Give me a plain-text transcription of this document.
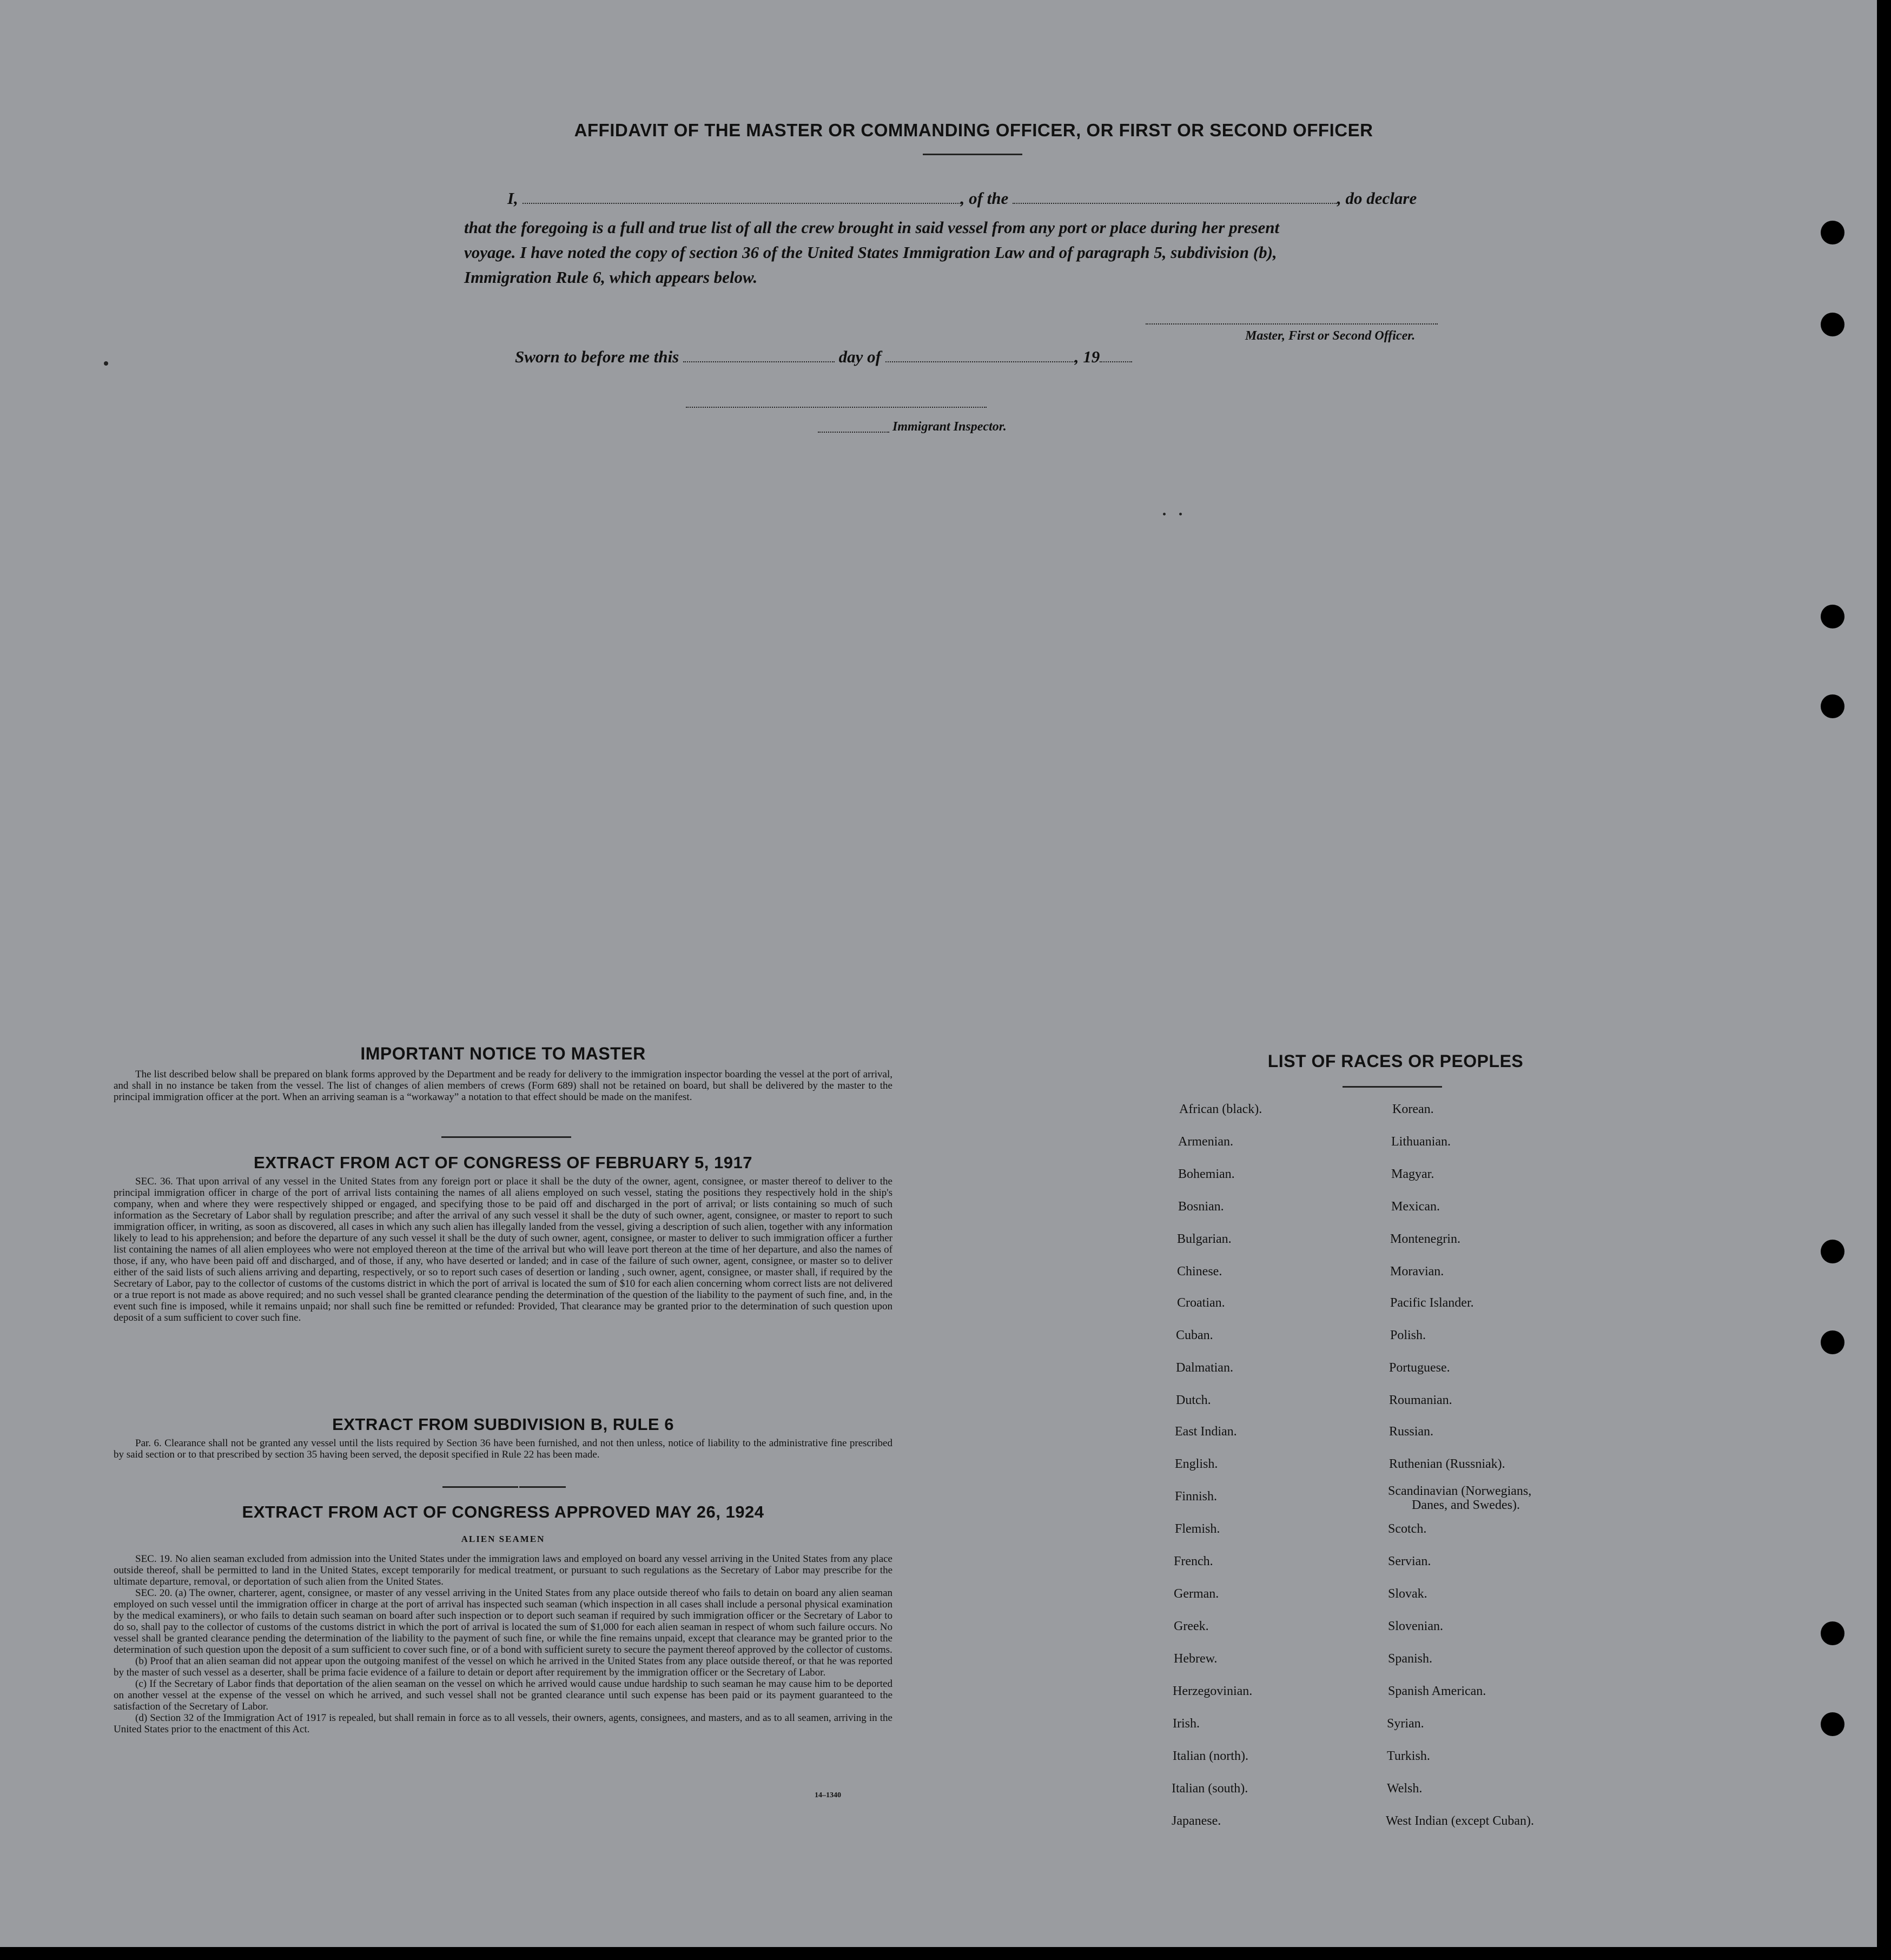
AFFIDAVIT OF THE MASTER OR COMMANDING OFFICER, OR FIRST OR SECOND OFFICER
I,	, of the	, do declare
that the foregoing is a full and true list of all the crew brought in said vessel from any port or place during her present
voyage. I have noted the copy of section 36 of the United States Immigration Law and of paragraph 5, subdivision (b),
Immigration Rule 6, which appears below.
Master, First or Second Officer.
Sworn to before me this	day of	, 19
Immigrant Inspector.
IMPORTANT NOTICE TO MASTER

The list described below shall be prepared on blank forms approved by the Department and be ready for delivery to the immigration inspector boarding the vessel at the port of arrival, and shall in no instance be taken from the vessel. The list of changes of alien members of crews (Form 689) shall not be retained on board, but shall be delivered by the master to the principal immigration officer at the port. When an arriving seaman is a “workaway” a notation to that effect should be made on the manifest.

EXTRACT FROM ACT OF CONGRESS OF FEBRUARY 5, 1917

SEC. 36. That upon arrival of any vessel in the United States from any foreign port or place it shall be the duty of the owner, agent, consignee, or master thereof to deliver to the principal immigration officer in charge of the port of arrival lists containing the names of all aliens employed on such vessel, stating the positions they respectively hold in the ship's company, when and where they were respectively shipped or engaged, and specifying those to be paid off and discharged in the port of arrival; or lists containing so much of such information as the Secretary of Labor shall by regulation prescribe; and after the arrival of any such vessel it shall be the duty of such owner, agent, consignee, or master to report to such immigration officer, in writing, as soon as discovered, all cases in which any such alien has illegally landed from the vessel, giving a description of such alien, together with any information likely to lead to his apprehension; and before the departure of any such vessel it shall be the duty of such owner, agent, consignee, or master to deliver to such immigration officer a further list containing the names of all alien employees who were not employed thereon at the time of the arrival but who will leave port thereon at the time of her departure, and also the names of those, if any, who have been paid off and discharged, and of those, if any, who have deserted or landed; and in case of the failure of such owner, agent, consignee, or master so to deliver either of the said lists of such aliens arriving and departing, respectively, or so to report such cases of desertion or landing , such owner, agent, consignee, or master shall, if required by the Secretary of Labor, pay to the collector of customs of the customs district in which the port of arrival is located the sum of $10 for each alien concerning whom correct lists are not delivered or a true report is not made as above required; and no such vessel shall be granted clearance pending the determination of the question of the liability to the payment of such fine, and, in the event such fine is imposed, while it remains unpaid; nor shall such fine be remitted or refunded: Provided, That clearance may be granted prior to the determination of such question upon deposit of a sum sufficient to cover such fine.

EXTRACT FROM SUBDIVISION B, RULE 6

Par. 6. Clearance shall not be granted any vessel until the lists required by Section 36 have been furnished, and not then unless, notice of liability to the administrative fine prescribed by said section or to that prescribed by section 35 having been served, the deposit specified in Rule 22 has been made.

EXTRACT FROM ACT OF CONGRESS APPROVED MAY 26, 1924
ALIEN SEAMEN

SEC. 19. No alien seaman excluded from admission into the United States under the immigration laws and employed on board any vessel arriving in the United States from any place outside thereof, shall be permitted to land in the United States, except temporarily for medical treatment, or pursuant to such regulations as the Secretary of Labor may prescribe for the ultimate departure, removal, or deportation of such alien from the United States.

SEC. 20. (a) The owner, charterer, agent, consignee, or master of any vessel arriving in the United States from any place outside thereof who fails to detain on board any alien seaman employed on such vessel until the immigration officer in charge at the port of arrival has inspected such seaman (which inspection in all cases shall include a personal physical examination by the medical examiners), or who fails to detain such seaman on board after such inspection or to deport such seaman if required by such immigration officer or the Secretary of Labor to do so, shall pay to the collector of customs of the customs district in which the port of arrival is located the sum of $1,000 for each alien seaman in respect of whom such failure occurs. No vessel shall be granted clearance pending the determination of the liability to the payment of such fine, or while the fine remains unpaid, except that clearance may be granted prior to the determination of such question upon the deposit of a sum sufficient to cover such fine, or of a bond with sufficient surety to secure the payment thereof approved by the collector of customs.

(b) Proof that an alien seaman did not appear upon the outgoing manifest of the vessel on which he arrived in the United States from any place outside thereof, or that he was reported by the master of such vessel as a deserter, shall be prima facie evidence of a failure to detain or deport after requirement by the immigration officer or the Secretary of Labor.

(c) If the Secretary of Labor finds that deportation of the alien seaman on the vessel on which he arrived would cause undue hardship to such seaman he may cause him to be deported on another vessel at the expense of the vessel on which he arrived, and such vessel shall not be granted clearance until such expense has been paid or its payment guaranteed to the satisfaction of the Secretary of Labor.

(d) Section 32 of the Immigration Act of 1917 is repealed, but shall remain in force as to all vessels, their owners, agents, consignees, and masters, and as to all seamen, arriving in the United States prior to the enactment of this Act.

14–1340
LIST OF RACES OR PEOPLES
African (black).
Armenian.
Bohemian.
Bosnian.
Bulgarian.
Chinese.
Croatian.
Cuban.
Dalmatian.
Dutch.
East Indian.
English.
Finnish.
Flemish.
French.
German.
Greek.
Hebrew.
Herzegovinian.
Irish.
Italian (north).
Italian (south).
Japanese.
Korean.
Lithuanian.
Magyar.
Mexican.
Montenegrin.
Moravian.
Pacific Islander.
Polish.
Portuguese.
Roumanian.
Russian.
Ruthenian (Russniak).
Scandinavian (Norwegians,
Danes, and Swedes).
Scotch.
Servian.
Slovak.
Slovenian.
Spanish.
Spanish American.
Syrian.
Turkish.
Welsh.
West Indian (except Cuban).
